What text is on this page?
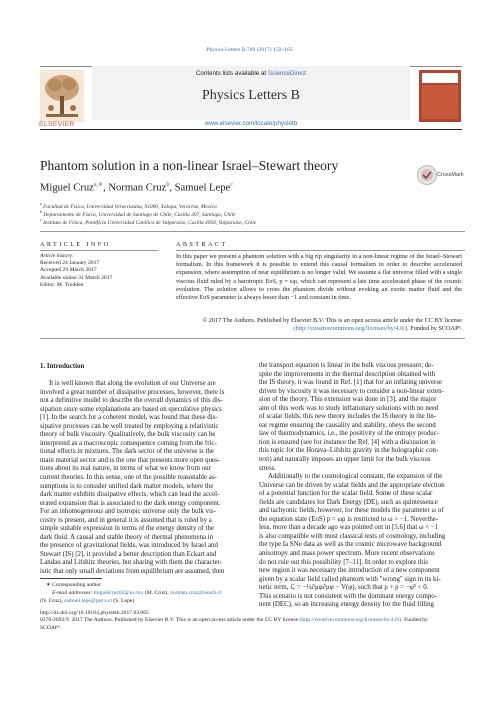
Physics Letters B 769 (2017) 159–165
ELSEVIER
Contents lists available at ScienceDirect
Physics Letters B
www.elsevier.com/locate/physletb
Phantom solution in a non-linear Israel–Stewart theory
CrossMark
Miguel Cruz$^{a,∗}$, Norman Cruz$^b$, Samuel Lepe$^c$
$^a$ Facultad de Física, Universidad Veracruzana, 91000, Xalapa, Veracruz, Mexico
$^b$ Departamento de Física, Universidad de Santiago de Chile, Casilla 307, Santiago, Chile
$^c$ Instituto de Física, Pontificia Universidad Católica de Valparaíso, Casilla 4950, Valparaíso, Chile
ARTICLE INFO	ABSTRACT
Article history:
Received 24 January 2017
Accepted 29 March 2017
Available online 31 March 2017
Editor: M. Trodden
In this paper we present a phantom solution with a big rip singularity in a non-linear regime of the Israel–Stewart formalism. In this framework it is possible to extend this causal formalism in order to describe accelerated expansion, where assumption of near equilibrium is no longer valid. We assume a flat universe filled with a single viscous fluid ruled by a barotropic EoS, p = ωρ, which can represent a late time accelerated phase of the cosmic evolution. The solution allows to cross the phantom divide without evoking an exotic matter fluid and the effective EoS parameter is always lesser than −1 and constant in time.
© 2017 The Authors. Published by Elsevier B.V. This is an open access article under the CC BY license
(http://creativecommons.org/licenses/by/4.0/). Funded by SCOAP³.
1. Introduction
It is well known that along the evolution of our Universe are
involved a great number of dissipative processes, however, there is
not a definitive model to describe the overall dynamics of this dis-
sipation since some explanations are based on speculative physics
[1]. In the search for a coherent model, was found that these dis-
sipative processes can be well treated by employing a relativistic
theory of bulk viscosity. Qualitatively, the bulk viscosity can be
interpreted as a macroscopic consequence coming from the fric-
tional effects in mixtures. The dark sector of the universe is the
main material sector and is the one that presents more open ques-
tions about its real nature, in terms of what we know from our
current theories. In this sense, one of the possible reasonable as-
sumptions is to consider unified dark matter models, where the
dark matter exhibits dissipative effects, which can lead the accel-
erated expansion that is associated to the dark energy component.
For an inhomogeneous and isotropic universe only the bulk vis-
cosity is present, and in general it is assumed that is ruled by a
simple suitable expression in terms of the energy density of the
dark fluid. A causal and stable theory of thermal phenomena in
the presence of gravitational fields, was introduced by Israel and
Stewart (IS) [2], it provided a better description than Eckart and
Landau and Lifshitz theories, but sharing with them the character-
istic that only small deviations from equilibrium are assumed, then
the transport equation is linear in the bulk viscous pressure; de-
spite the improvements in the thermal description obtained with
the IS theory, it was found in Ref. [1] that for an inflating universe
driven by viscosity it was necessary to consider a non-linear exten-
sion of the theory. This extension was done in [3], and the major
aim of this work was to study inflationary solutions with no need
of scalar fields, this new theory includes the IS theory in the lin-
ear regime ensuring the causality and stability, obeys the second
law of thermodynamics, i.e., the positivity of the entropy produc-
tion is ensured (see for instance the Ref. [4] with a discussion in
this topic for the Horava–Lifshitz gravity in the holographic con-
text) and naturally imposes an upper limit for the bulk viscous
stress.
Additionally to the cosmological constant, the expansion of the
Universe can be driven by scalar fields and the appropriate election
of a potential function for the scalar field. Some of these scalar
fields are candidates for Dark Energy (DE), such as quintessence
and tachyonic fields, however, for these models the parameter ω of
the equation state (EoS) p = ωρ is restricted to ω > −1. Neverthe-
less, more than a decade ago was pointed out in [5,6] that ω < −1
is also compatible with most classical tests of cosmology, including
the type Ia SNe data as well as the cosmic microwave background
anisotropy and mass power spectrum. More recent observations
do not rule out this possibility [7–11]. In order to explore this
new region it was necessary the introduction of a new component
given by a scalar field called phantom with "wrong" sign in its ki-
netic term, ℒ = −½∂μφ∂μφ − V(φ), such that ρ + p = −φ̇² < 0.
This scenario is not consistent with the dominant energy compo-
nent (DEC), so an increasing energy density for the fluid filling
∗ Corresponding author.
E-mail addresses: miguelcruz02@uv.mx (M. Cruz), norman.cruz@usach.cl
(N. Cruz), samuel.lepe@pucv.cl (S. Lepe).
http://dx.doi.org/10.1016/j.physletb.2017.03.065
0370-2693/© 2017 The Authors. Published by Elsevier B.V. This is an open access article under the CC BY license (http://creativecommons.org/licenses/by/4.0/). Funded by
SCOAP³.
